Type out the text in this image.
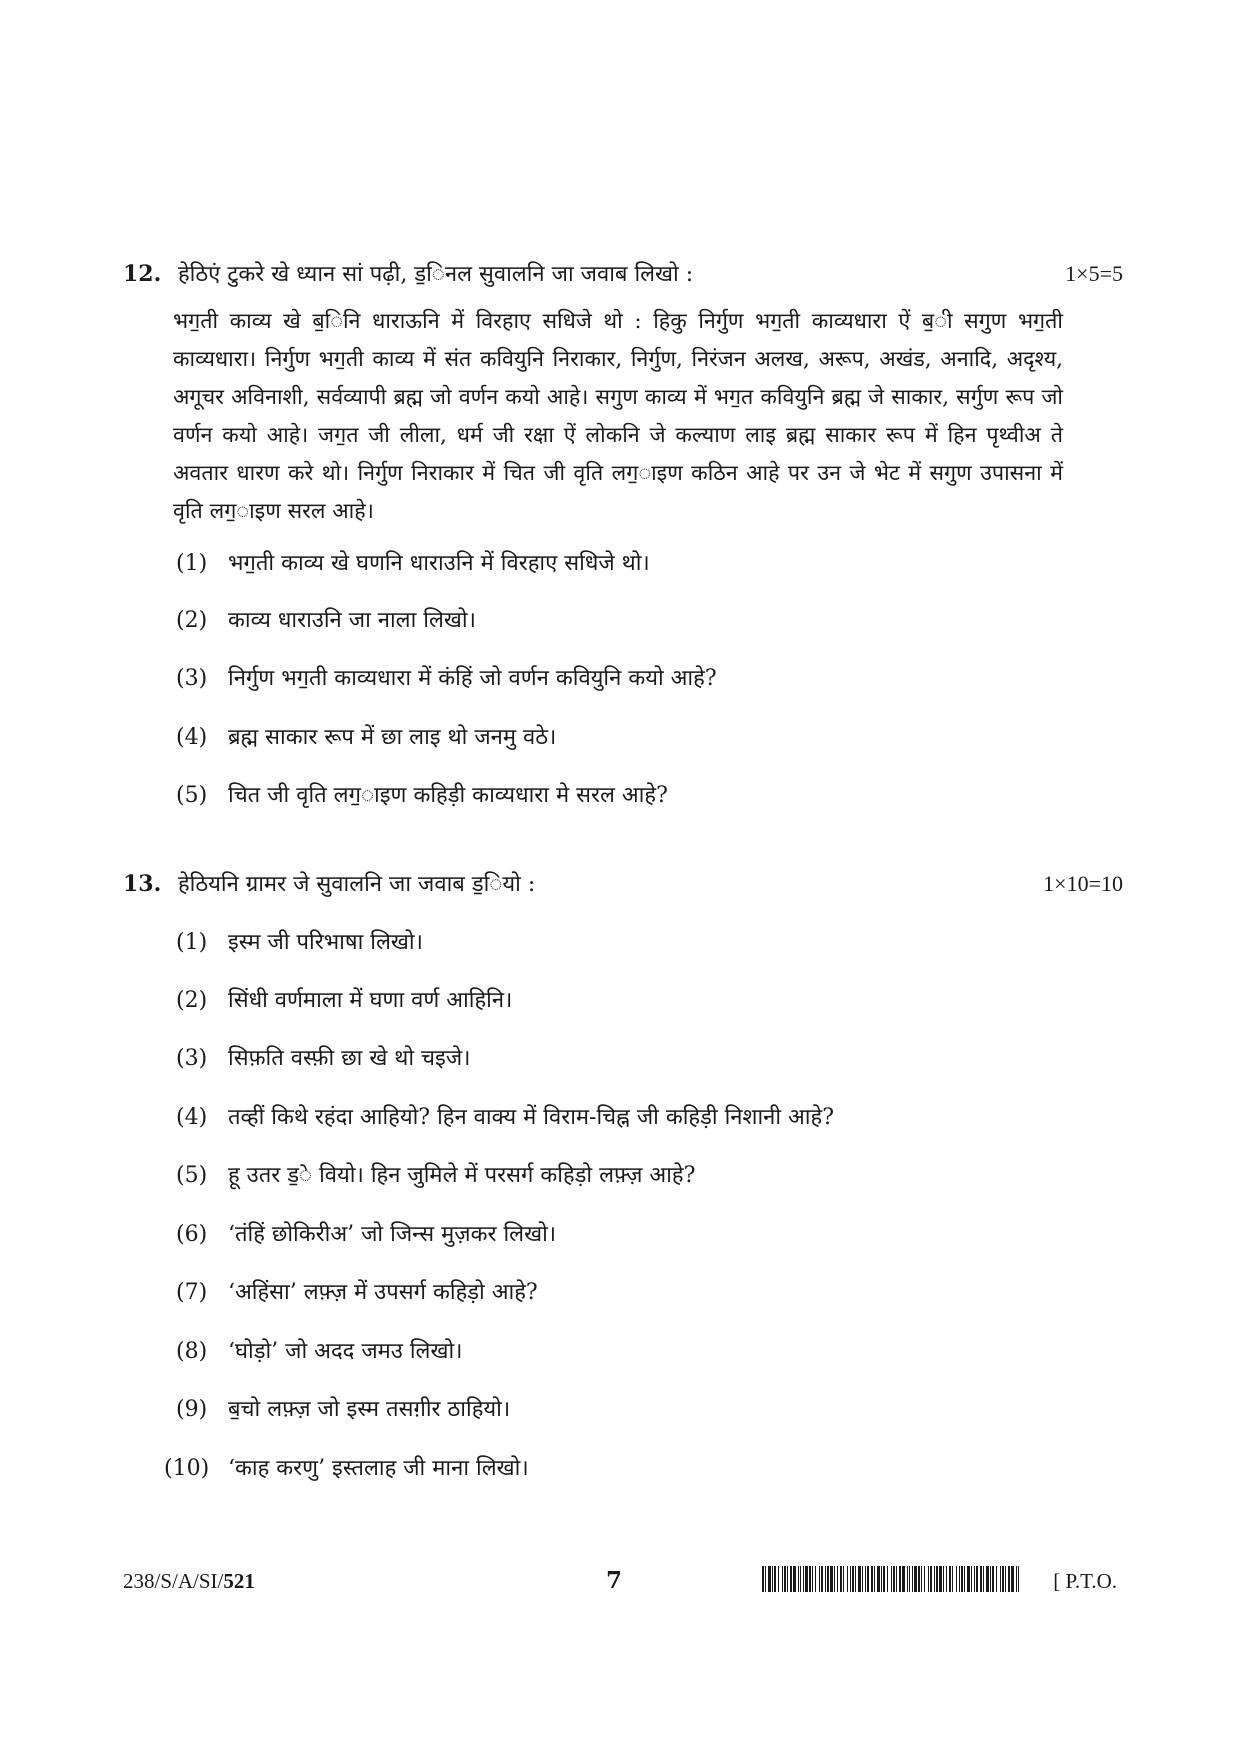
12. हेठिएं टुकरे खे ध्यान सां पढ़ी, ड॒िनल सुवालनि जा जवाब लिखो :	1×5=5
भग॒ती काव्य खे ब॒िनि धाराऊनि में विरहाए सधिजे थो : हिकु निर्गुण भग॒ती काव्यधारा ऐं ब॒ी सगुण भग॒ती काव्यधारा। निर्गुण भग॒ती काव्य में संत कवियुनि निराकार, निर्गुण, निरंजन अलख, अरूप, अखंड, अनादि, अदृश्य, अगूचर अविनाशी, सर्वव्यापी ब्रह्म जो वर्णन कयो आहे। सगुण काव्य में भग॒त कवियुनि ब्रह्म जे साकार, सर्गुण रूप जो वर्णन कयो आहे। जग॒त जी लीला, धर्म जी रक्षा ऐं लोकनि जे कल्याण लाइ ब्रह्म साकार रूप में हिन पृथ्वीअ ते अवतार धारण करे थो। निर्गुण निराकार में चित जी वृति लग॒ाइण कठिन आहे पर उन जे भेट में सगुण उपासना में वृति लग॒ाइण सरल आहे।
(1) भग॒ती काव्य खे घणनि धाराउनि में विरहाए सधिजे थो।
(2) काव्य धाराउनि जा नाला लिखो।
(3) निर्गुण भग॒ती काव्यधारा में कंहिं जो वर्णन कवियुनि कयो आहे?
(4) ब्रह्म साकार रूप में छा लाइ थो जनमु वठे।
(5) चित जी वृति लग॒ाइण कहिड़ी काव्यधारा मे सरल आहे?
13. हेठियनि ग्रामर जे सुवालनि जा जवाब ड॒ियो :	1×10=10
(1) इस्म जी परिभाषा लिखो।
(2) सिंधी वर्णमाला में घणा वर्ण आहिनि।
(3) सिफ़ति वस्फ़ी छा खे थो चइजे।
(4) तव्हीं किथे रहंदा आहियो? हिन वाक्य में विराम-चिह्न जी कहिड़ी निशानी आहे?
(5) हू उतर ड॒े वियो। हिन जुमिले में परसर्ग कहिड़ो लफ़्ज़ आहे?
(6) ‘तंहिं छोकिरीअ’ जो जिन्स मुज़कर लिखो।
(7) ‘अहिंसा’ लफ़्ज़ में उपसर्ग कहिड़ो आहे?
(8) ‘घोड़ो’ जो अदद जमउ लिखो।
(9) ब॒चो लफ़्ज़ जो इस्म तसग़ीर ठाहियो।
(10) ‘काह करणु’ इस्तलाह जी माना लिखो।
238/S/A/SI/521	7	[ P.T.O.
